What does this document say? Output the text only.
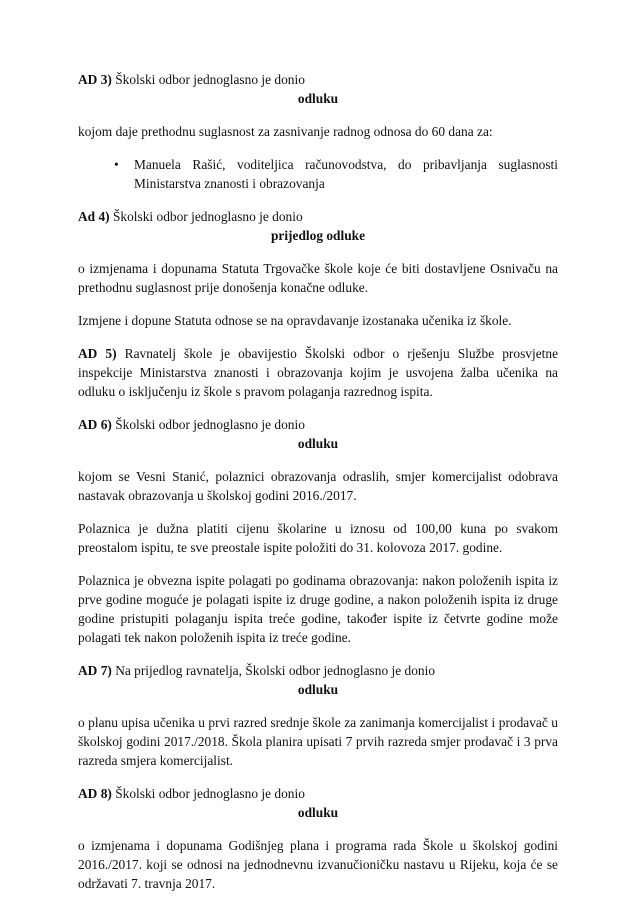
AD 3) Školski odbor jednoglasno je donio

odluku

kojom daje prethodnu suglasnost za zasnivanje radnog odnosa do 60 dana za:

•	Manuela Rašić, voditeljica računovodstva, do pribavljanja suglasnosti Ministarstva znanosti i obrazovanja

Ad 4) Školski odbor jednoglasno je donio

prijedlog odluke

o izmjenama i dopunama Statuta Trgovačke škole koje će biti dostavljene Osnivaču na prethodnu suglasnost prije donošenja konačne odluke.

Izmjene i dopune Statuta odnose se na opravdavanje izostanaka učenika iz škole.

AD 5) Ravnatelj škole je obavijestio Školski odbor o rješenju Službe prosvjetne inspekcije Ministarstva znanosti i obrazovanja kojim je usvojena žalba učenika na odluku o isključenju iz škole s pravom polaganja razrednog ispita.

AD 6) Školski odbor jednoglasno je donio

odluku

kojom se Vesni Stanić, polaznici obrazovanja odraslih, smjer komercijalist odobrava nastavak obrazovanja u školskoj godini 2016./2017.

Polaznica je dužna platiti cijenu školarine u iznosu od 100,00 kuna po svakom preostalom ispitu, te sve preostale ispite položiti do 31. kolovoza 2017. godine.

Polaznica je obvezna ispite polagati po godinama obrazovanja: nakon položenih ispita iz prve godine moguće je polagati ispite iz druge godine, a nakon položenih ispita iz druge godine pristupiti polaganju ispita treće godine, također ispite iz četvrte godine može polagati tek nakon položenih ispita iz treće godine.

AD 7) Na prijedlog ravnatelja, Školski odbor jednoglasno je donio

odluku

o planu upisa učenika u prvi razred srednje škole za zanimanja komercijalist i prodavač u školskoj godini 2017./2018. Škola planira upisati 7 prvih razreda smjer prodavač i 3 prva razreda smjera komercijalist.

AD 8) Školski odbor jednoglasno je donio

odluku

o izmjenama i dopunama Godišnjeg plana i programa rada Škole u školskoj godini 2016./2017. koji se odnosi na jednodnevnu izvanučioničku nastavu u Rijeku, koja će se održavati 7. travnja 2017.
